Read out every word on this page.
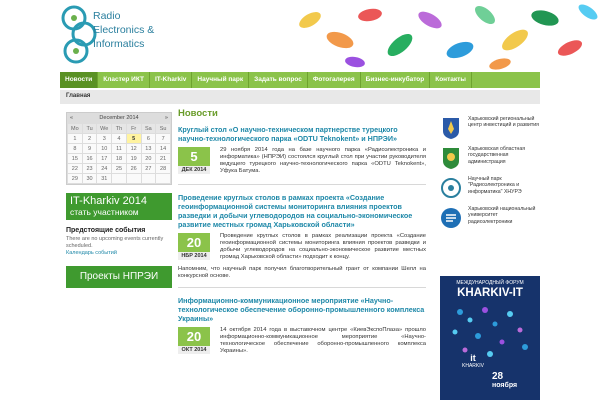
Radio
Electronics &
Informatics
Новости	Кластер ИКТ	IT-Kharkiv	Научный парк	Задать вопрос	Фотогалерея	Бизнес-инкубатор	Контакты
Главная
«	December 2014	»
Mo	Tu	We	Th	Fr	Sa	Su
1	2	3	4	5	6	7
8	9	10	11	12	13	14
15	16	17	18	19	20	21
22	23	24	25	26	27	28
29	30	31				
IT-Kharkiv 2014
стать участником
Предстоящие события
There are no upcoming events currently scheduled.
Календарь событий
Проекты НПРЭИ
Новости
Круглый стол «О научно-техническом партнерстве турецкого научно-технологического парка «ODTU Teknokent» и НПРЭИ»
5
ДЕК 2014
29 ноября 2014 года на базе научного парка «Радиоэлектроника и информатика» (НПРЭИ) состоялся круглый стол при участии руководителя ведущего турецкого научно-технологического парка «ODTU Teknokent», Уфука Батума.
Проведение круглых столов в рамках проекта «Создание геоинформационной системы мониторинга влияния проектов разведки и добычи углеводородов на социально-экономическое развитие местных громад Харьковской области»
20
НБР 2014
Проведение круглых столов в рамках реализации проекта «Создание геоинформационной системы мониторинга влияния проектов разведки и добычи углеводородов на социально-экономическое развитие местных громад Харьковской области» подходит к концу.
Напомним, что научный парк получил благотворительный грант от компании Шелл на конкурсной основе.
Информационно-коммуникационное мероприятие «Научно-технологическое обеспечение оборонно-промышленного комплекса Украины»
20
ОКТ 2014
14 октября 2014 года в выставочном центре «КиевЭкспоПлаза» прошло информационно-коммуникационное мероприятие «Научно-технологическое обеспечение оборонно-промышленного комплекса Украины».
Харьковский региональный центр инвестиций и развития
Харьковская областная государственная администрация
Научный парк "Радиоэлектроника и информатика" ХНУРЭ
Харьковский национальный университет радиоэлектроники
МЕЖДУНАРОДНЫЙ ФОРУМ
KHARKIV-IT
it
KHARKIV
28
ноября
